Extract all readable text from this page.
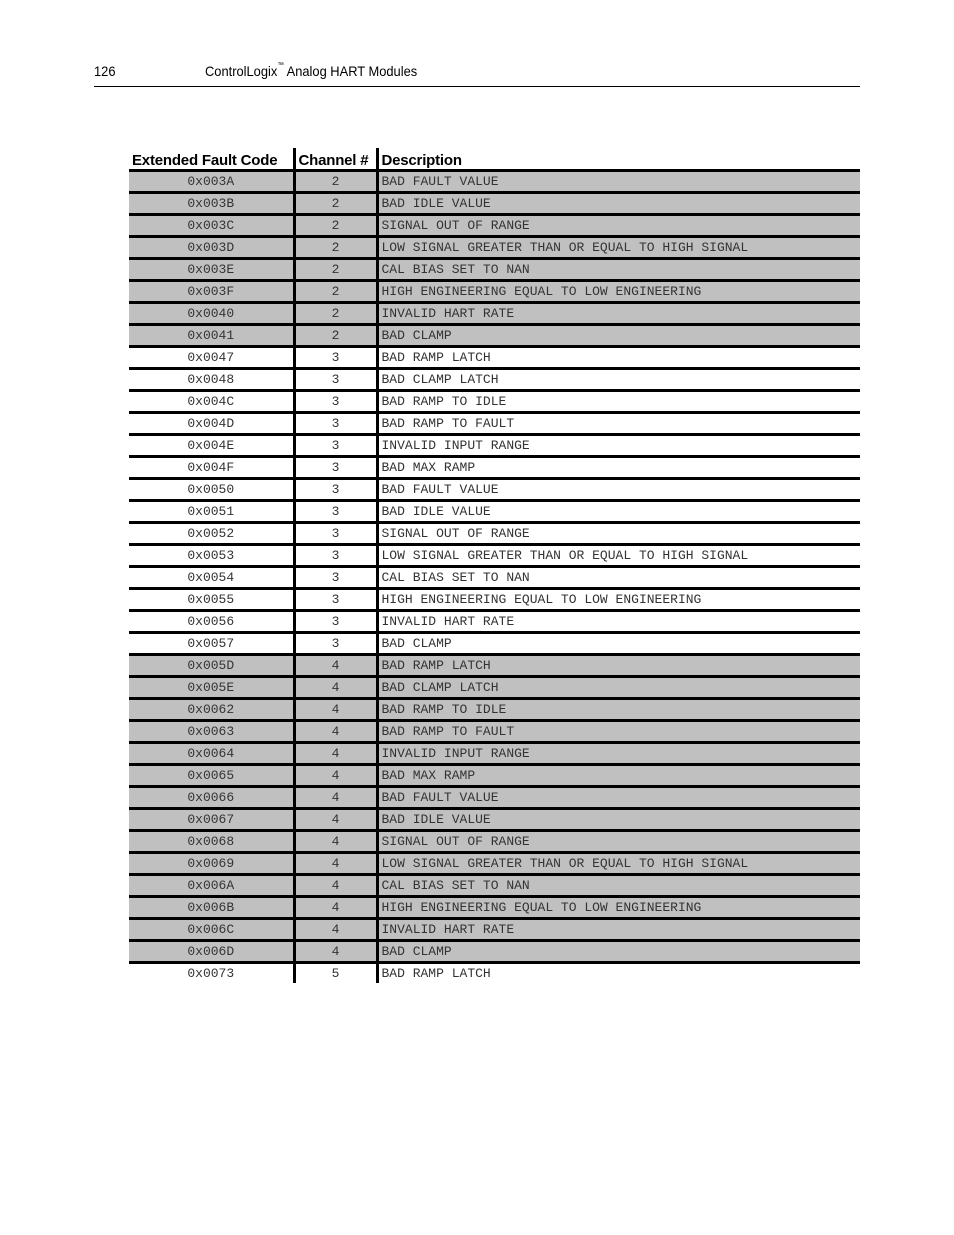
126	ControlLogix™ Analog HART Modules
Extended Fault Code	Channel #	Description
0x003A	2	BAD FAULT VALUE
0x003B	2	BAD IDLE VALUE
0x003C	2	SIGNAL OUT OF RANGE
0x003D	2	LOW SIGNAL GREATER THAN OR EQUAL TO HIGH SIGNAL
0x003E	2	CAL BIAS SET TO NAN
0x003F	2	HIGH ENGINEERING EQUAL TO LOW ENGINEERING
0x0040	2	INVALID HART RATE
0x0041	2	BAD CLAMP
0x0047	3	BAD RAMP LATCH
0x0048	3	BAD CLAMP LATCH
0x004C	3	BAD RAMP TO IDLE
0x004D	3	BAD RAMP TO FAULT
0x004E	3	INVALID INPUT RANGE
0x004F	3	BAD MAX RAMP
0x0050	3	BAD FAULT VALUE
0x0051	3	BAD IDLE VALUE
0x0052	3	SIGNAL OUT OF RANGE
0x0053	3	LOW SIGNAL GREATER THAN OR EQUAL TO HIGH SIGNAL
0x0054	3	CAL BIAS SET TO NAN
0x0055	3	HIGH ENGINEERING EQUAL TO LOW ENGINEERING
0x0056	3	INVALID HART RATE
0x0057	3	BAD CLAMP
0x005D	4	BAD RAMP LATCH
0x005E	4	BAD CLAMP LATCH
0x0062	4	BAD RAMP TO IDLE
0x0063	4	BAD RAMP TO FAULT
0x0064	4	INVALID INPUT RANGE
0x0065	4	BAD MAX RAMP
0x0066	4	BAD FAULT VALUE
0x0067	4	BAD IDLE VALUE
0x0068	4	SIGNAL OUT OF RANGE
0x0069	4	LOW SIGNAL GREATER THAN OR EQUAL TO HIGH SIGNAL
0x006A	4	CAL BIAS SET TO NAN
0x006B	4	HIGH ENGINEERING EQUAL TO LOW ENGINEERING
0x006C	4	INVALID HART RATE
0x006D	4	BAD CLAMP
0x0073	5	BAD RAMP LATCH
